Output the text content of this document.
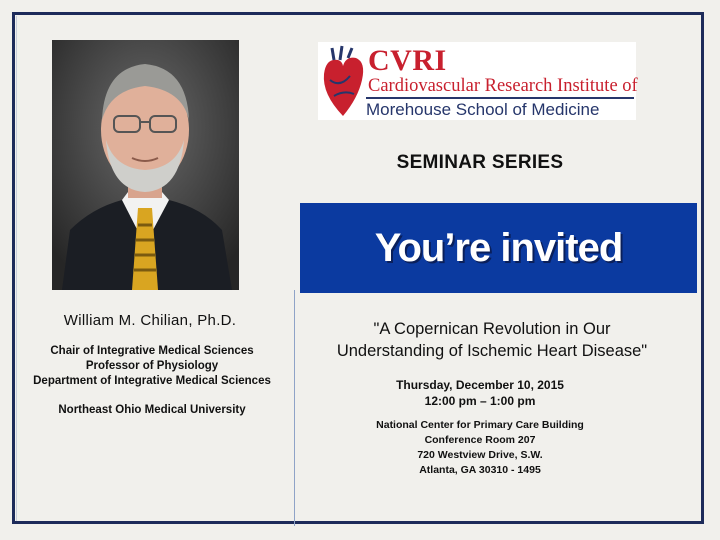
CVRI
Cardiovascular Research Institute of
Morehouse School of Medicine
SEMINAR SERIES
You’re invited
"A Copernican Revolution in Our
Understanding of Ischemic Heart Disease"
Thursday, December 10, 2015
12:00 pm – 1:00 pm
National Center for Primary Care Building
Conference Room 207
720 Westview Drive, S.W.
Atlanta, GA 30310 - 1495
William M. Chilian, Ph.D.
Chair of Integrative Medical Sciences
Professor of Physiology
Department of Integrative Medical Sciences
Northeast Ohio Medical University
